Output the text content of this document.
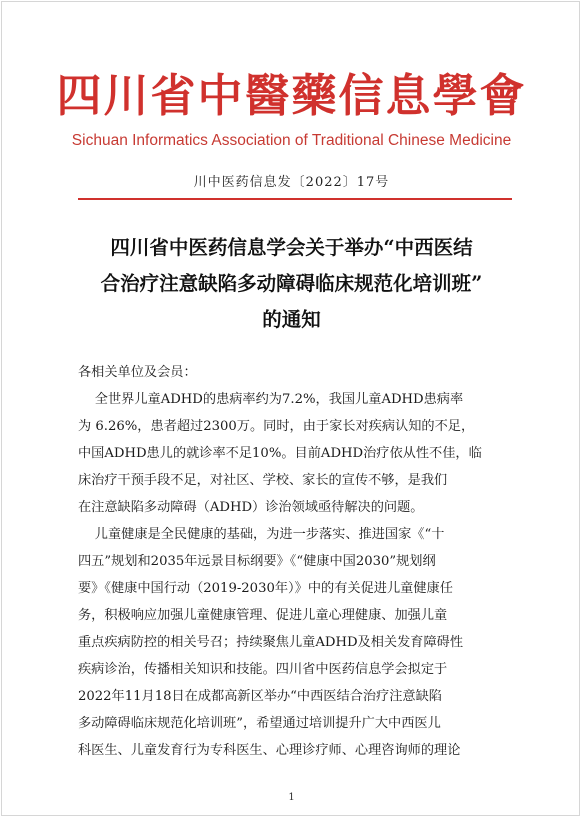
四川省中醫藥信息學會
Sichuan Informatics Association of Traditional Chinese Medicine
川中医药信息发〔2022〕17号
四川省中医药信息学会关于举办“中西医结
合治疗注意缺陷多动障碍临床规范化培训班”
的通知
各相关单位及会员：
全世界儿童ADHD的患病率约为7.2%，我国儿童ADHD患病率
为 6.26%，患者超过2300万。同时，由于家长对疾病认知的不足，
中国ADHD患儿的就诊率不足10%。目前ADHD治疗依从性不佳，临
床治疗干预手段不足，对社区、学校、家长的宣传不够，是我们
在注意缺陷多动障碍（ADHD）诊治领域亟待解决的问题。
儿童健康是全民健康的基础，为进一步落实、推进国家《“十
四五”规划和2035年远景目标纲要》《“健康中国2030”规划纲
要》《健康中国行动（2019-2030年）》中的有关促进儿童健康任
务，积极响应加强儿童健康管理、促进儿童心理健康、加强儿童
重点疾病防控的相关号召；持续聚焦儿童ADHD及相关发育障碍性
疾病诊治，传播相关知识和技能。四川省中医药信息学会拟定于
2022年11月18日在成都高新区举办“中西医结合治疗注意缺陷
多动障碍临床规范化培训班”，希望通过培训提升广大中西医儿
科医生、儿童发育行为专科医生、心理诊疗师、心理咨询师的理论
1
